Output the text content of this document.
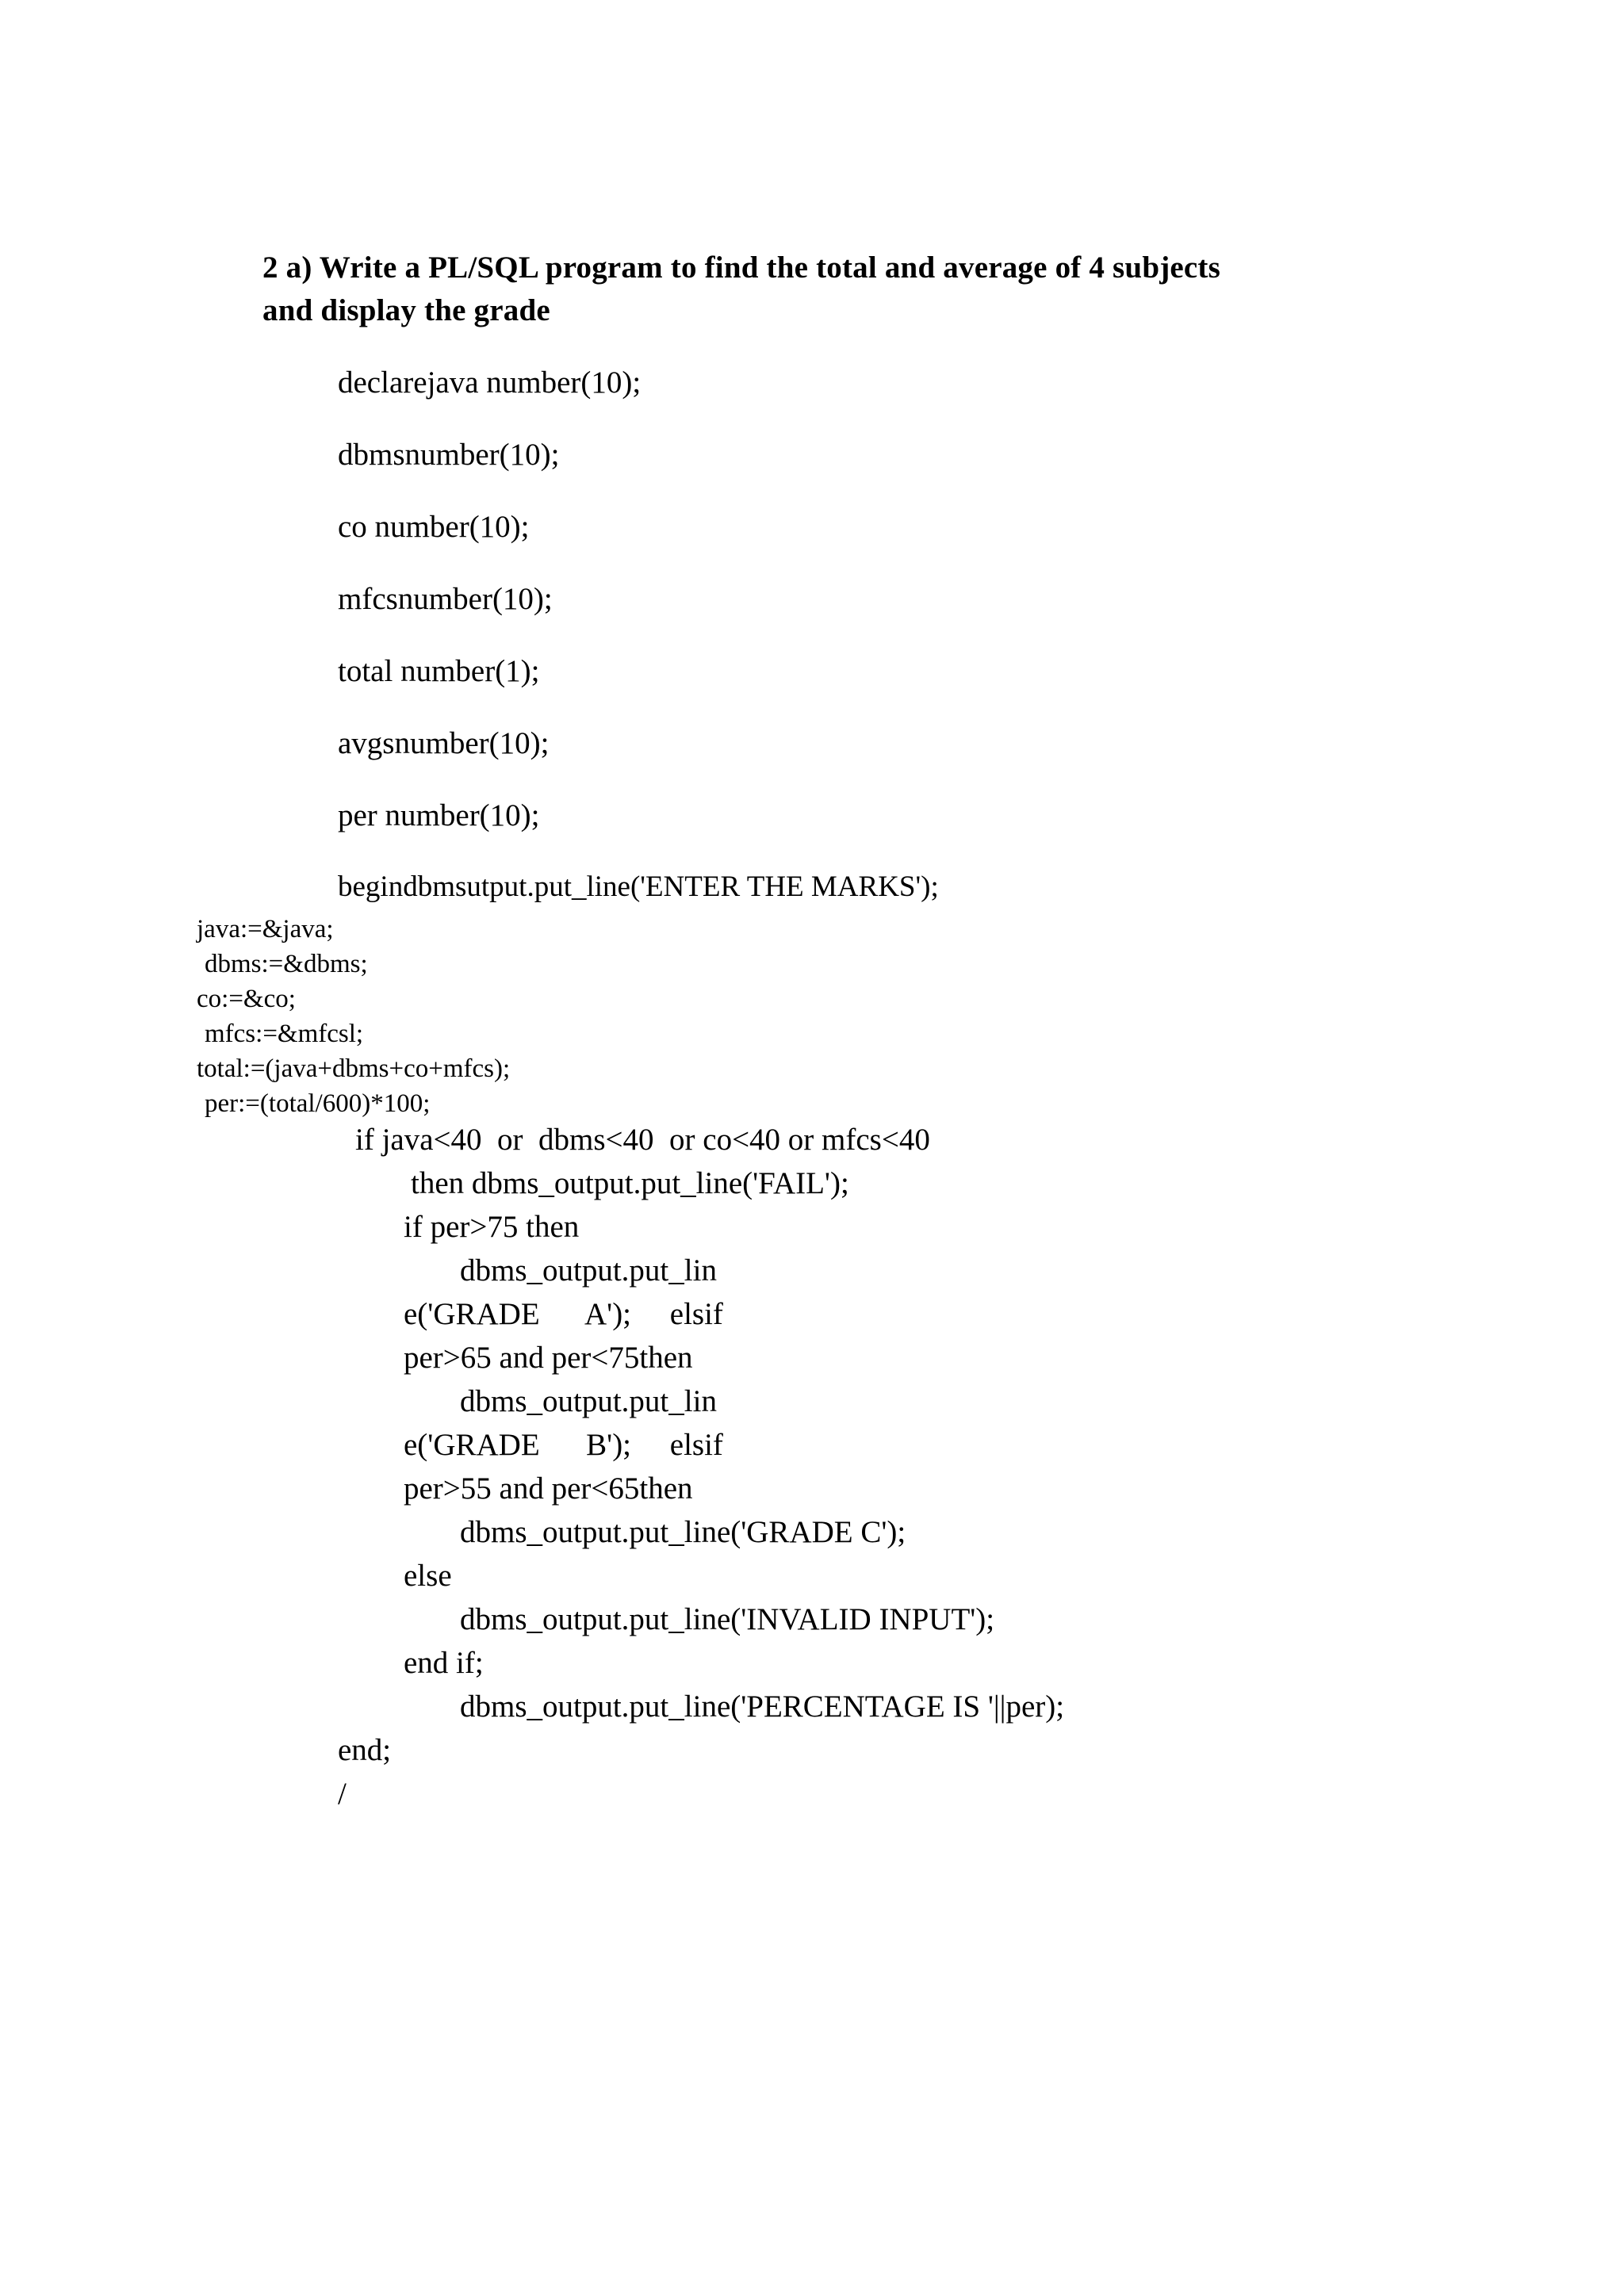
2 a) Write a PL/SQL program to find the total and average of 4 subjects
and display the grade
declarejava number(10);
dbmsnumber(10);
co number(10);
mfcsnumber(10);
total number(1);
avgsnumber(10);
per number(10);
begindbmsutput.put_line('ENTER THE MARKS');
java:=&java;
dbms:=&dbms;
co:=&co;
mfcs:=&mfcsl;
total:=(java+dbms+co+mfcs);
per:=(total/600)*100;
if java<40  or  dbms<40  or co<40 or mfcs<40
then dbms_output.put_line('FAIL');
if per>75 then
dbms_output.put_lin
e('GRADE      A');     elsif
per>65 and per<75then
dbms_output.put_lin
e('GRADE      B');     elsif
per>55 and per<65then
dbms_output.put_line('GRADE C');
else
dbms_output.put_line('INVALID INPUT');
end if;
dbms_output.put_line('PERCENTAGE IS '||per);
end;
/
